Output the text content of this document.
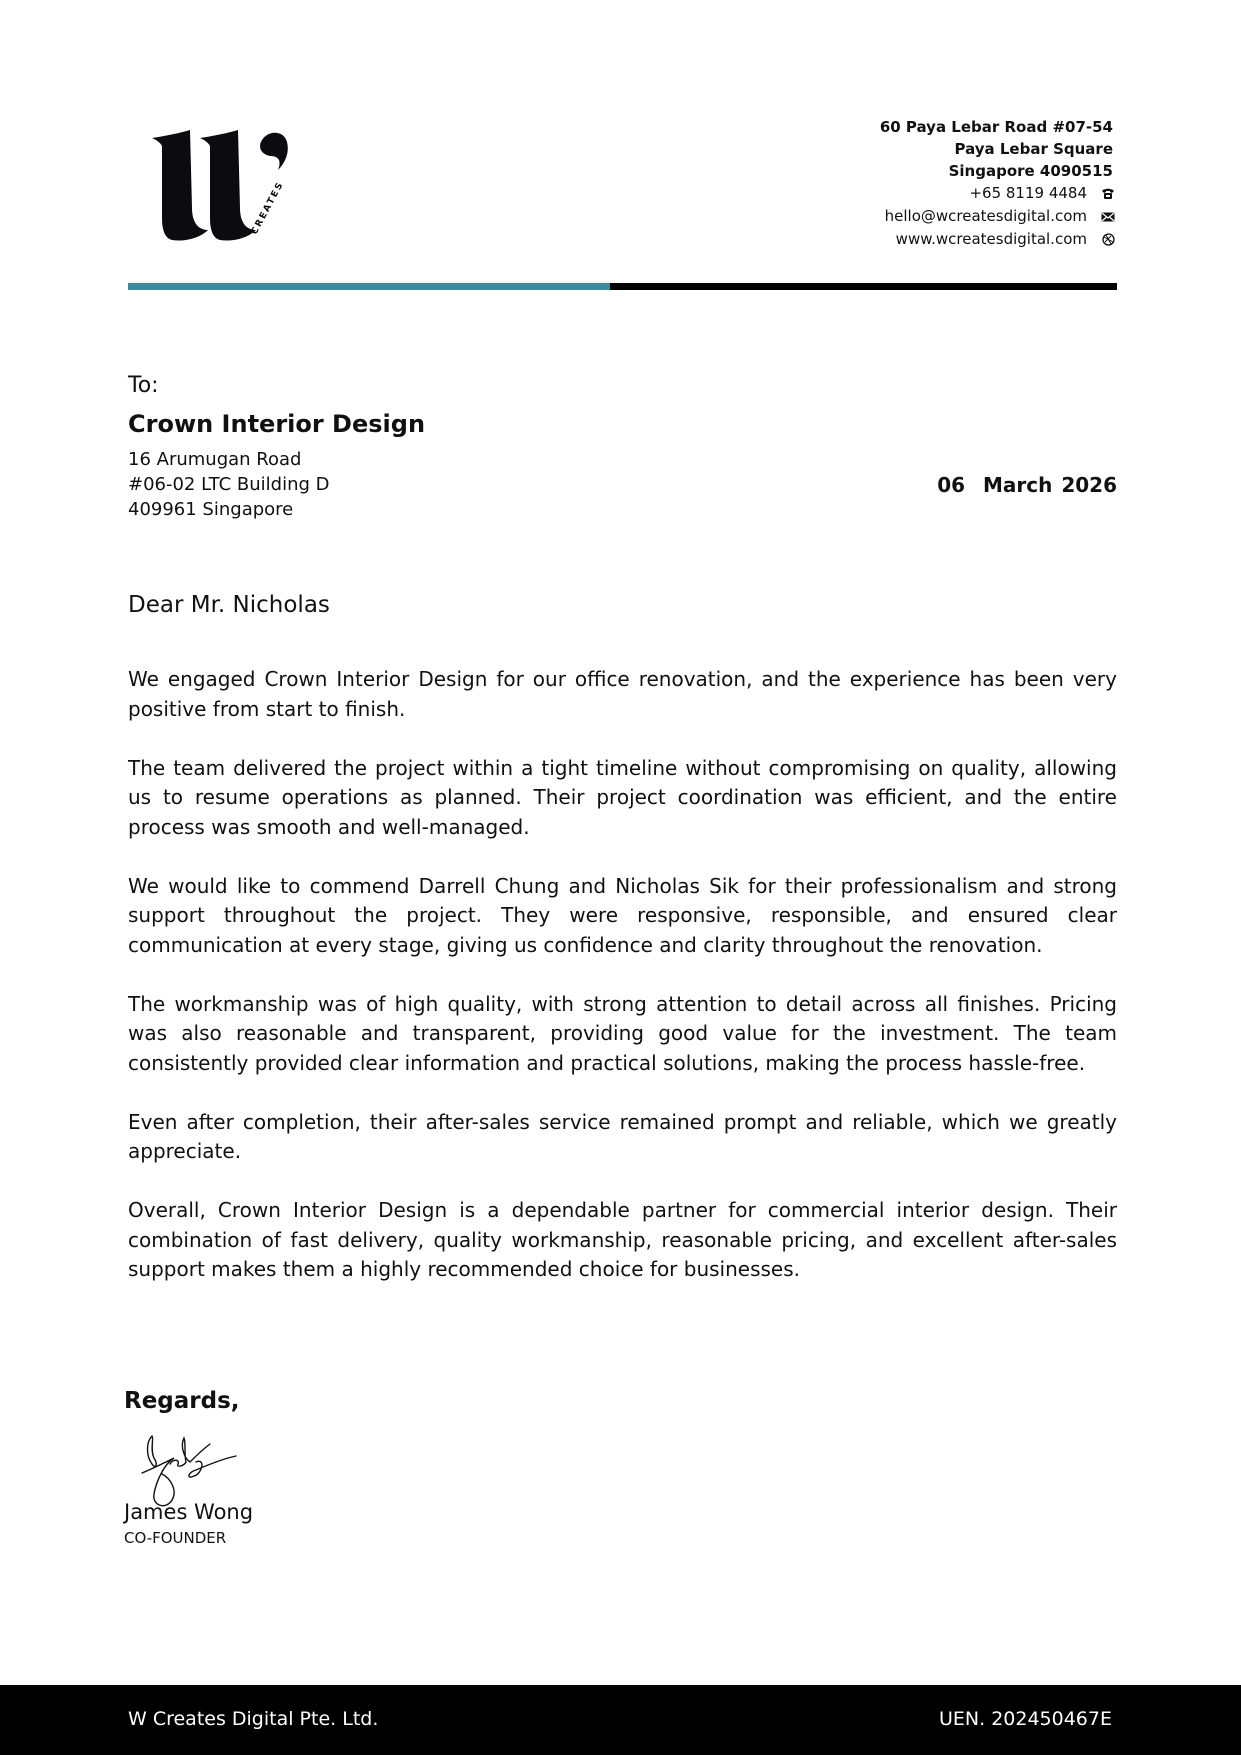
CREATES
60 Paya Lebar Road #07-54
Paya Lebar Square
Singapore 4090515
+65 8119 4484
hello@wcreatesdigital.com
www.wcreatesdigital.com
To:
Crown Interior Design
16 Arumugan Road
#06-02 LTC Building D
409961 Singapore
06  March 2026
Dear Mr. Nicholas

We engaged Crown Interior Design for our office renovation, and the experience has been very positive from start to finish.

The team delivered the project within a tight timeline without compromising on quality, allowing us to resume operations as planned. Their project coordination was efficient, and the entire process was smooth and well-managed.

We would like to commend Darrell Chung and Nicholas Sik for their professionalism and strong support throughout the project. They were responsive, responsible, and ensured clear communication at every stage, giving us confidence and clarity throughout the renovation.

The workmanship was of high quality, with strong attention to detail across all finishes. Pricing was also reasonable and transparent, providing good value for the investment. The team consistently provided clear information and practical solutions, making the process hassle-free.

Even after completion, their after-sales service remained prompt and reliable, which we greatly appreciate.

Overall, Crown Interior Design is a dependable partner for commercial interior design. Their combination of fast delivery, quality workmanship, reasonable pricing, and excellent after-sales support makes them a highly recommended choice for businesses.

Regards,
James Wong
CO-FOUNDER
W Creates Digital Pte. Ltd.	UEN. 202450467E
